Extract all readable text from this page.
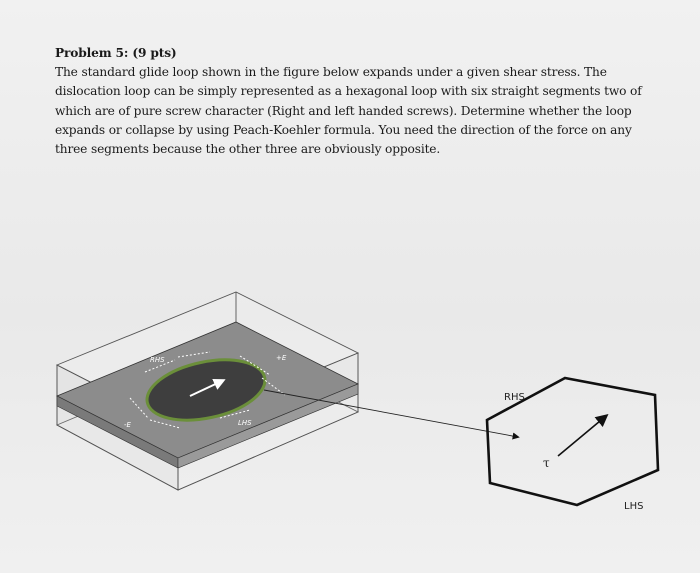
Problem 5: (9 pts)
The standard glide loop shown in the figure below expands under a given shear stress. The
dislocation loop can be simply represented as a hexagonal loop with six straight segments two of
which are of pure screw character (Right and left handed screws). Determine whether the loop
expands or collapse by using Peach-Koehler formula. You need the direction of the force on any
three segments because the other three are obviously opposite.
RHS
LHS
+E
-E
RHS
LHS
τ
